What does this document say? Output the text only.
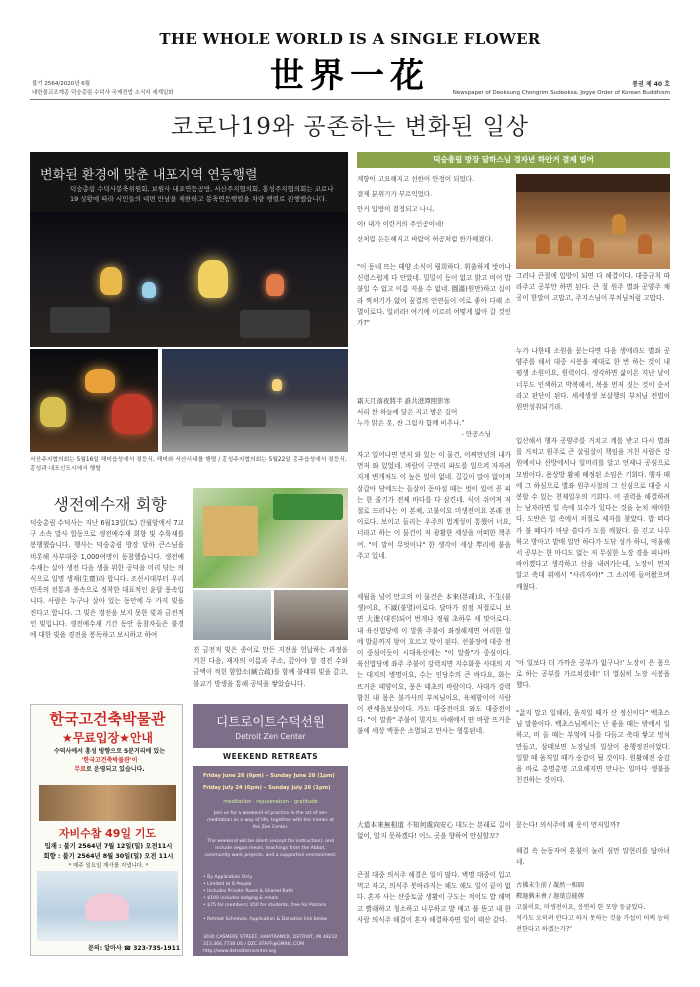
THE WHOLE WORLD IS A SINGLE FLOWER
世界一花
불기 2564/2020년 6월
대한불교조계종 덕숭총림 수덕사 국제전법 소식지 세계일화
통권 제 40 호
Newspaper of Deoksung Chongrim Sudeoksa, Jogye Order of Korean Buddhism
코로나19와 공존하는 변화된 일상
변화된 환경에 맞춘 내포지역 연등행렬
덕숭총림 수덕사봉축위원회, 보원사 내포연등공방, 서산주지협의회, 홍성주지협의회는 코로나19 상황에 따라 시민들의 대면 만남을 제한하고 봉축연등행렬을 차량 행렬로 진행했습니다.
서산주지협의회는 5월16일 해미읍성에서 점등식, 해미와 서산시내를 행렬 / 홍성주지협의회는 5월22일 홍주읍성에서 점등식, 홍성과 내포신도시에서 행렬
생전예수재 회향
덕숭총림 수덕사는 지난 6월13일(토) 간월암에서 7교구 소속 말사 합동으로 생전예수재 회향 및 수륙재를 봉행했습니다. 행사는 덕숭총림 방장 달하 큰스님을 비롯해 사부대중 1,000여명이 동참했습니다. 생전예수재는 살아 생전 다음 생을 위한 공덕을 미리 닦는 의식으로 일명 생재(生齋)라 합니다. 조선시대부터 우리 민족의 전통과 풍속으로 정착한 대표적인 윤달 풍속입니다. 사람은 누구나 살아 있는 동안에 두 가지 빚을 진다고 합니다. 그 빚은 경전을 보지 못한 빚과 금전적인 빚입니다. 생전예수재 기간 동안 동참자들은 불경에 대한 빚을 경전을 봉독하고 보시하고 하여
진 금전적 빚은 종이로 만든 지전을 헌납하는 과정을 거친 다음, 재자의 이름과 주소, 갚아야 할 경전 수와 금액이 적힌 함합소(緘合疏)를 함께 불태워 빚을 갚고, 불교기 방생을 통해 공덕을 쌓았습니다.
한국고건축박물관
★무료입장★안내
수덕사에서 홍성 방향으로 5분거리에 있는
'한국고건축박물관'이
무료로 운영되고 있습니다.
자비수참 49일 기도
입재 : 불기 2564년 7월 12일(일) 오전11시
회향 : 불기 2564년 8월 30일(일) 오전 11시
* 매주 일요일 재사를 지냅니다. *
문의: 알마사 ☎ 323-735-1911
디트로이트수덕선원
Detroit Zen Center
WEEKEND RETREATS
Friday June 26 (6pm) – Sunday June 28 (1pm)
Friday July 24 (6pm) – Sunday July 26 (1pm)
meditation · rejuvenation · gratitude
Join us for a weekend of practice in the art of zen meditation as a way of life, together with the monks at the Zen Center.
The weekend will be silent (except for instruction), and include vegan meals, teachings from the Abbot, community work projects, and a supportive environment.
• By Application Only
• Limited to 8 People
• Includes Private Room & Shared Bath
• $100 includes lodging & meals
• $75 for members; $50 for students, free for Patrons
• Retreat Schedule, Application & Donation link below
3030 CASMERE STREET, HAMTRAMCK, DETROIT, MI 48212
313.366.7738 US / DZC.STAFF@GMAIL.COM
http://www.detroitzencenter.org
덕숭총림 방장 달하스님 경자년 하안거 결제 법어
계향이 고요해지고 선한이 안정이 되었다.
결제 분위기가 무르익었다.
안거 입방이 결정되고 나니,
이! 내가 이란거의 주인공이네!
산처럼 든든해지고 바람이 허공처럼 한가해졌다.
"이 동네 뜨는 태양 소식이 뭥희하다. 휘출하게 벗어나 신령스럽게 다 안았네. 밀밀이 등이 없고 밝고 비어 밥 불일 수 없고 이름 지을 수 없네. 圓滿(원만)하고 십이라 찍처기가 없어 꿈결의 인연들이 이로 좋아 다해 소멸이로다. 일러라! 여기에 이르러 어떻게 밟아 갈 것인가?"
霜天月落夜將半 誰共澄潭照影寒
서리 찬 하늘에 달은 지고 밤은 깊어
누가 맑은 못, 찬 그림자 함께 비추나."
- 만공스님
자고 일어나면 먼저 와 있는 이 물건, 어찌만년의 내가 먼저 와 있었네. 바람이 구만리 파도를 일으켜 자자려지게 변개처도 이 높은 일이 없네. 길길이 말아 없어져 살갑아 담에드는 들살이 돋아설 때는 벗이 있어 꼳 피는 한 줄기가 전체 바다를 다 삼킨네. 식이 쉬어져 저절로 드러나는 이 본체, 고불이요 미생전이요 본래 전이로다. 보이고 들리는 우주의 법계성이 통했어 너요, 너라고 하는 이 물건이 저 광활한 세상을 어떠한 책주어. "이 말이 무엇이냐" 한 생각이 세상 뿌리에 붙을 주고 있네.
세월을 넘어 만고의 이 물건은 本來(본래)요, 不生(불생)이요, 不滅(불멸)이로다. 달마가 점점 저절로니 보면 大進(대진)되어 번개나 정월 초하루 새 맞이로다. 내 육신법당에 이 말씀 주불이 좌정해계면 여리한 얼에 발끝까지 닿이 흐르고 맞이 된다. 선불장에 대중 전이 중심이듯이 시대육신에는 "이 말씀"가 중심이다. 육신법당에 좌주 주불이 강력치면 지수화풍 사대의 지는 대지의 병명이요, 수는 인당수의 큰 바다요, 화는 뜨거운 태양이요, 풍은 태초의 바람이다. 사대가 강력함친 내 몸은 불가사의 부처님이요, 육체함이어 사람이 관세음보살이다. 가도 대중전이요 와도 대중전이다. "이 말씀" 주불이 멀지도 아해에서 딴 바람 뜨거운 불에 세상 액풍은 소멸되고 만사는 형통된네.
大道本來無相道 不知何處向安心 대도는 본래로 길이 없어, 알지 못하겠다! 어느 곳을 향하여 안심할꼬?
큰절 대중 의식주 해결은 일이 많다. 벽명 대중이 입고 먹고 자고, 의식주 봇바라지는 해도 해도 일이 끝이 없다. 혼자 사는 산중토굴 생활이 구도는 적어도 밥 해먹고 빨래하고 청소하고 나무하고 밭 매고 풀 뜯고 내 한 사람 의식주 해결이 혼자 해결하자면 일이 태산 같다.
그러나 큰절에 입방이 되면 다 해결이다. 대중규칙 따라주고 공부만 하면 된다. 큰 절 원주 별좌 공양주 채공이 한말이 고맙고, 주지스님이 부처님처럼 고맙다.
누가 나한테 소원을 묻는다면 다음 생에라도 별좌 공양주를 해서 대중 시봉을 제대로 한 번 하는 것이 내 평생 소원이요, 원력이다. 생각하면 삶이온 지난 날이 너무도 인색하고 박복해서, 복을 먼저 짓는 것이 순서라고 판단이 된다. 세세생생 보살행의 부처님 전법이 원만성취되기라.
입산해서 행자 공양주를 거치고 계를 받고 다시 별좌를 거치고 원주로 큰 살림살이 책임을 거친 사람은 강원에서나 선방에서나 일머리를 알고 언제나 공심으로 모범이다. 용상방 활제 배정된 소임은 기회다. 행자 때에 그 하심으로 별좌 원주시절의 그 신심으로 대중 시봉할 수 있는 천재일우의 기회다. 이 권력을 해결하려는 남자라면 일 속에 묘수가 있다는 것을 눈치 채야한다. 도반은 일 속에서 저절로 제자를 찾았다. 밥 떠다가 불 떼다가 마당 쓸다가 도를 깨쳤다. 몰 긷고 나무하고 방아고 밭매 일만 하다가 도닦 성가 하니, 억울해서 공부는 한 마디도 없는 저 무심한 노장 경을 피나바바이겠다고 생각하고 산을 내려가는데, 노장이 먼저 알고 축대 위에서 "사리자야!" 그 소리에 들어왔으며 깨쳤다.
'아 일보다 더 가까운 공부가 없구나!' 노장이 은 몸으로 하는 공부를 가르쳐셨네!' 더 열심히 노장 시봉을 했다.
"끓지 말고 일해라, 움직일 때가 산 정신이다" 백초스님 말씀이다. 백초스님께서는 난 좋을 때는 밖에서 일하고, 비 올 때는 부엌에 나를 다듬고 축대 쌓고 멍석 만들고, 삼태보면 노장님의 일상이 용행정진이었다. 일할 때 움직일 때가 숭감이 될 것이다. 원활해진 숭감을 바로 총명총명 고요해지면 만나는 일마다 생불을 친견하는 것이다.
묻는다! 의식주에 왜 옷이 먼저일까?
해결 속 눈동자여 혼침이 눌러 심만 말현리를 답아녀네.
古佛未生前 / 凝然一相圓
釋迦猶未會 / 迦葉豈能傳
고불이요, 미생전이요, 응연히 한 모양 둥글었다.
석가도 오히려 안다고 하지 못하는 것을 가섭이 어찌 능히 전한다고 하겠는가?"
